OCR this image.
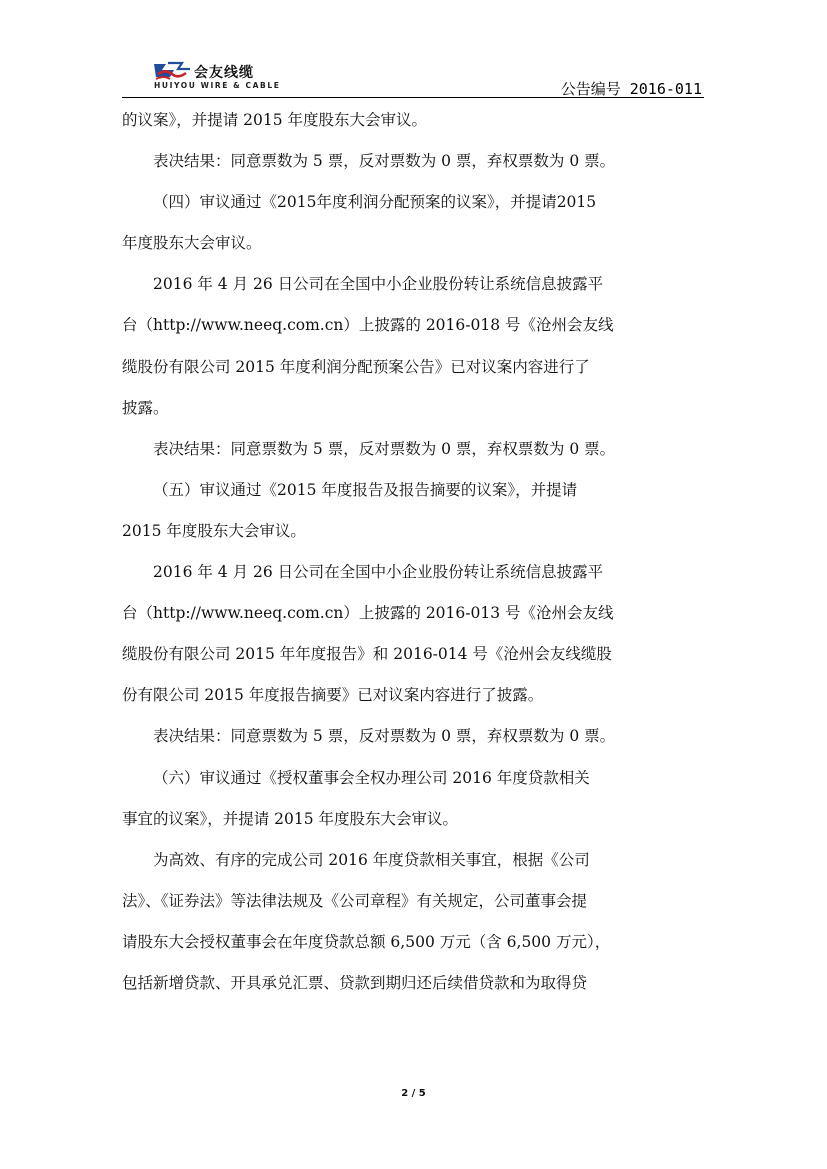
会友线缆
HUIYOU WIRE & CABLE	公告编号 2016-011
的议案》，并提请 2015 年度股东大会审议。
表决结果：同意票数为 5 票，反对票数为 0 票，弃权票数为 0 票。
（四）审议通过《2015年度利润分配预案的议案》，并提请2015
年度股东大会审议。
2016 年 4 月 26 日公司在全国中小企业股份转让系统信息披露平
台（http://www.neeq.com.cn）上披露的 2016-018 号《沧州会友线
缆股份有限公司 2015 年度利润分配预案公告》已对议案内容进行了
披露。
表决结果：同意票数为 5 票，反对票数为 0 票，弃权票数为 0 票。
（五）审议通过《2015 年度报告及报告摘要的议案》，并提请
2015 年度股东大会审议。
2016 年 4 月 26 日公司在全国中小企业股份转让系统信息披露平
台（http://www.neeq.com.cn）上披露的 2016-013 号《沧州会友线
缆股份有限公司 2015 年年度报告》和 2016-014 号《沧州会友线缆股
份有限公司 2015 年度报告摘要》已对议案内容进行了披露。
表决结果：同意票数为 5 票，反对票数为 0 票，弃权票数为 0 票。
（六）审议通过《授权董事会全权办理公司 2016 年度贷款相关
事宜的议案》，并提请 2015 年度股东大会审议。
为高效、有序的完成公司 2016 年度贷款相关事宜，根据《公司
法》、《证券法》等法律法规及《公司章程》有关规定，公司董事会提
请股东大会授权董事会在年度贷款总额 6,500 万元（含 6,500 万元），
包括新增贷款、开具承兑汇票、贷款到期归还后续借贷款和为取得贷
2 / 5
